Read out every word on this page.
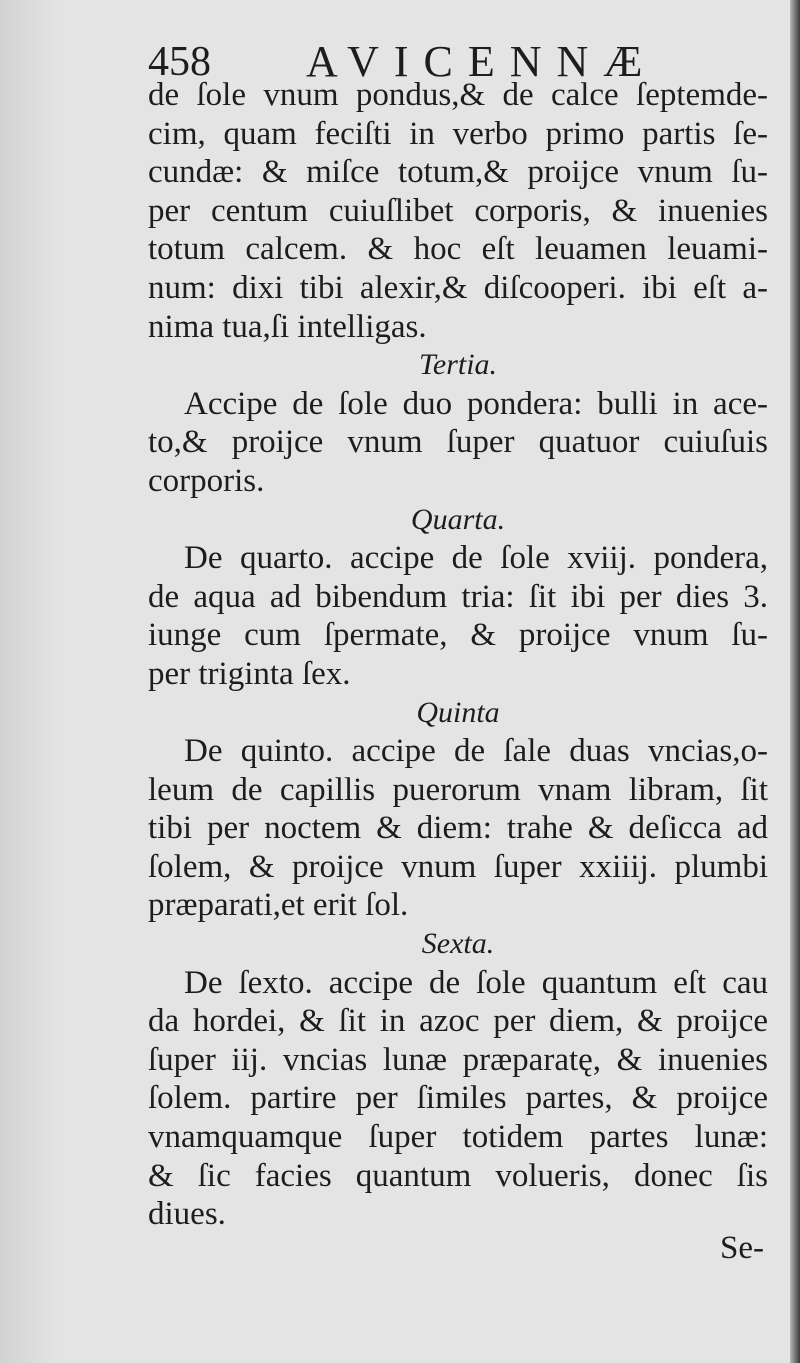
458 AVICENNÆ
de ſole vnum pondus,& de calce ſeptemde-
cim, quam feciſti in verbo primo partis ſe-
cundæ: & miſce totum,& proijce vnum ſu-
per centum cuiuſlibet corporis, & inuenies
totum calcem. & hoc eſt leuamen leuami-
num: dixi tibi alexir,& diſcooperi. ibi eſt a-
nima tua,ſi intelligas.
Tertia.
Accipe de ſole duo pondera: bulli in ace-
to,& proijce vnum ſuper quatuor cuiuſuis
corporis.
Quarta.
De quarto. accipe de ſole xviij. pondera,
de aqua ad bibendum tria: ſit ibi per dies 3.
iunge cum ſpermate, & proijce vnum ſu-
per triginta ſex.
Quinta
De quinto. accipe de ſale duas vncias,o-
leum de capillis puerorum vnam libram, ſit
tibi per noctem & diem: trahe & deſicca ad
ſolem, & proijce vnum ſuper xxiiij. plumbi
præparati,et erit ſol.
Sexta.
De ſexto. accipe de ſole quantum eſt cau
da hordei, & ſit in azoc per diem, & proijce
ſuper iij. vncias lunæ præparatę, & inuenies
ſolem. partire per ſimiles partes, & proijce
vnamquamque ſuper totidem partes lunæ:
& ſic facies quantum volueris, donec ſis
diues.
Se-
